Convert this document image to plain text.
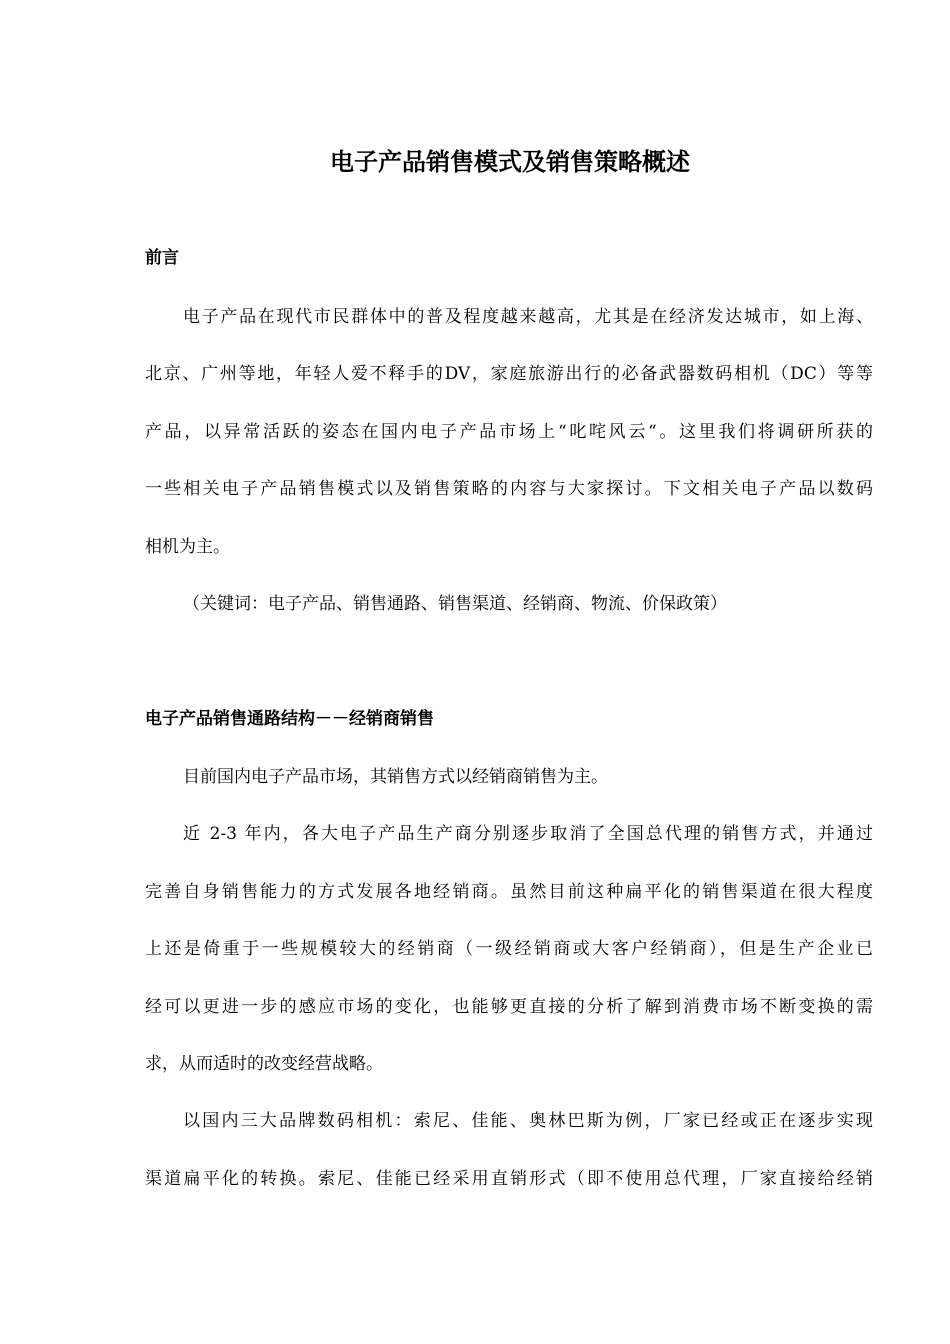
电子产品销售模式及销售策略概述
前言
电子产品在现代市民群体中的普及程度越来越高，尤其是在经济发达城市，如上海、
北京、广州等地，年轻人爱不释手的DV，家庭旅游出行的必备武器数码相机（DC）等等
产品，以异常活跃的姿态在国内电子产品市场上“叱咤风云“。这里我们将调研所获的
一些相关电子产品销售模式以及销售策略的内容与大家探讨。下文相关电子产品以数码
相机为主。
（关键词：电子产品、销售通路、销售渠道、经销商、物流、价保政策）
电子产品销售通路结构－－经销商销售
目前国内电子产品市场，其销售方式以经销商销售为主。
近 2-3 年内，各大电子产品生产商分别逐步取消了全国总代理的销售方式，并通过
完善自身销售能力的方式发展各地经销商。虽然目前这种扁平化的销售渠道在很大程度
上还是倚重于一些规模较大的经销商（一级经销商或大客户经销商），但是生产企业已
经可以更进一步的感应市场的变化，也能够更直接的分析了解到消费市场不断变换的需
求，从而适时的改变经营战略。
以国内三大品牌数码相机：索尼、佳能、奥林巴斯为例，厂家已经或正在逐步实现
渠道扁平化的转换。索尼、佳能已经采用直销形式（即不使用总代理，厂家直接给经销
